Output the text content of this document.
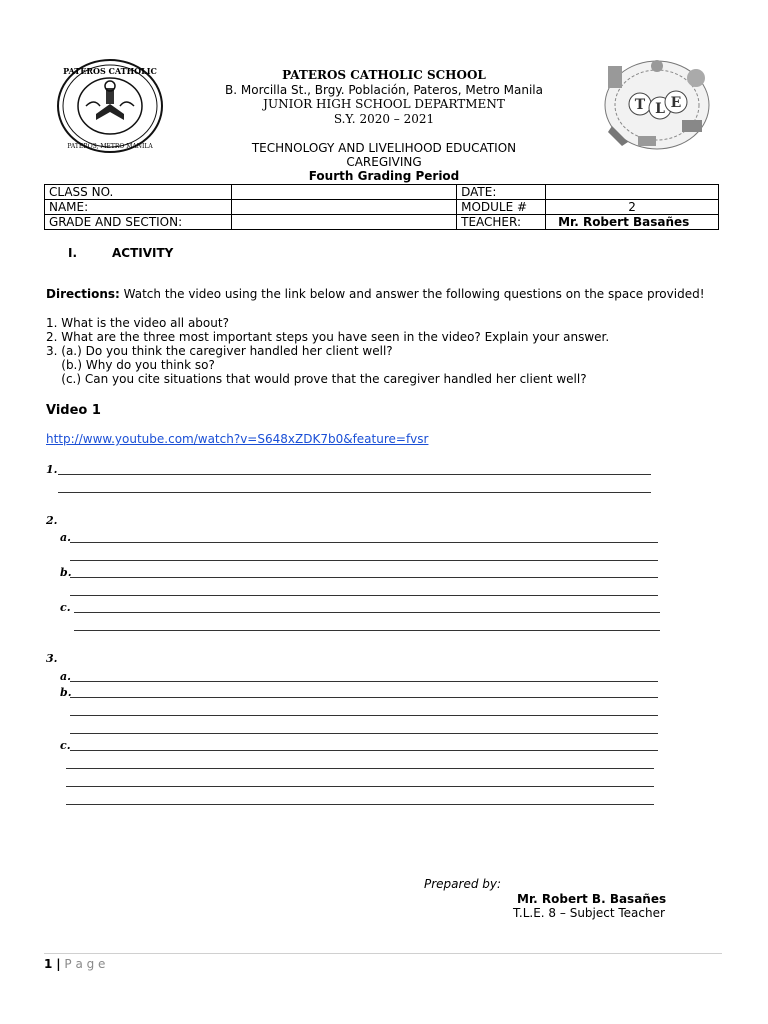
PATEROS CATHOLIC
PATEROS, METRO MANILA
T L E
PATEROS CATHOLIC SCHOOL
B. Morcilla St., Brgy. Población, Pateros, Metro Manila
JUNIOR HIGH SCHOOL DEPARTMENT
S.Y. 2020 – 2021
TECHNOLOGY AND LIVELIHOOD EDUCATION
CAREGIVING
Fourth Grading Period
CLASS NO.		DATE:	
NAME:		MODULE #	2
GRADE AND SECTION:		TEACHER:	Mr. Robert Basañes
I.	ACTIVITY
Directions: Watch the video using the link below and answer the following questions on the space provided!
1. What is the video all about?
2. What are the three most important steps you have seen in the video? Explain your answer.
3. (a.) Do you think the caregiver handled her client well?
(b.) Why do you think so?
(c.) Can you cite situations that would prove that the caregiver handled her client well?
Video 1
http://www.youtube.com/watch?v=S648xZDK7b0&feature=fvsr
1.
2.
a.
b.
c.
3.
a.
b.
c.
Prepared by:
Mr. Robert B. Basañes
T.L.E. 8 – Subject Teacher
1 | P a g e
